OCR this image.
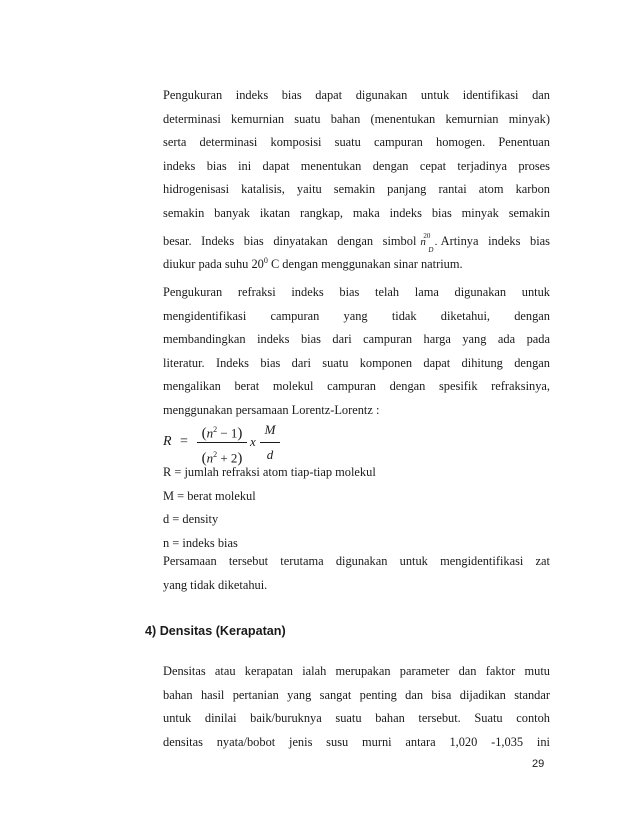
Pengukuran indeks bias dapat digunakan untuk identifikasi dan
determinasi kemurnian suatu bahan (menentukan kemurnian minyak)
serta determinasi komposisi suatu campuran homogen. Penentuan
indeks bias ini dapat menentukan dengan cepat terjadinya proses
hidrogenisasi katalisis, yaitu semakin panjang rantai atom karbon
semakin banyak ikatan rangkap, maka indeks bias minyak semakin
besar. Indeks bias dinyatakan dengan simbol n
20
D
. Artinya indeks bias
diukur pada suhu $20^0$ C dengan menggunakan sinar natrium.
Pengukuran refraksi indeks bias telah lama digunakan untuk
mengidentifikasi campuran yang tidak diketahui, dengan
membandingkan indeks bias dari campuran harga yang ada pada
literatur. Indeks bias dari suatu komponen dapat dihitung dengan
mengalikan berat molekul campuran dengan spesifik refraksinya,
menggunakan persamaan Lorentz-Lorentz :
R =
$(n^2 - 1)$
$(n^2 + 2)$
x
M
d
R = jumlah refraksi atom tiap-tiap molekul
M = berat molekul
d = density
n = indeks bias
Persamaan tersebut terutama digunakan untuk mengidentifikasi zat
yang tidak diketahui.
4) Densitas (Kerapatan)
Densitas atau kerapatan ialah merupakan parameter dan faktor mutu
bahan hasil pertanian yang sangat penting dan bisa dijadikan standar
untuk dinilai baik/buruknya suatu bahan tersebut. Suatu contoh
densitas nyata/bobot jenis susu murni antara 1,020 -1,035 ini
29
